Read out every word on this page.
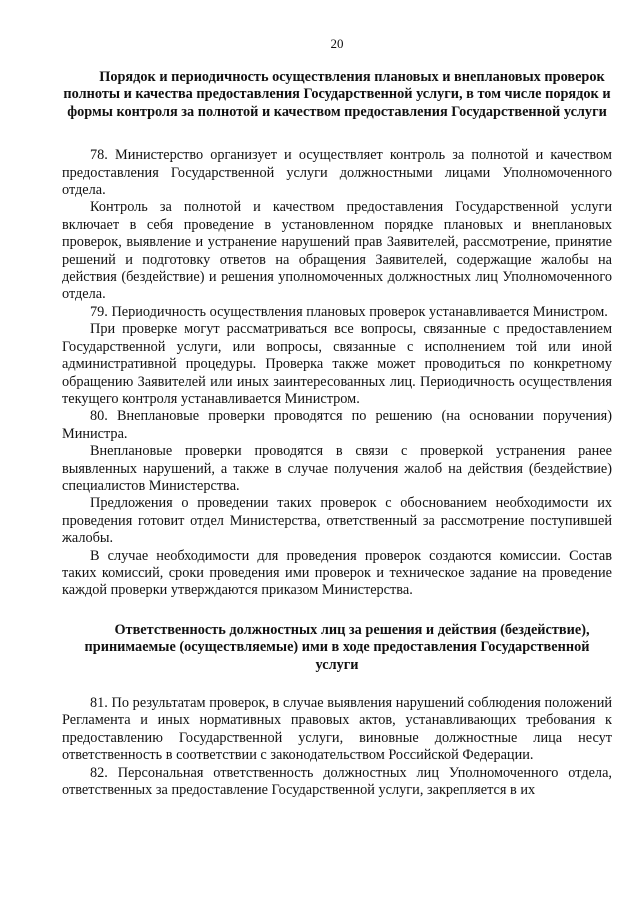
20
Порядок и периодичность осуществления плановых и внеплановых проверок полноты и качества предоставления Государственной услуги, в том числе порядок и формы контроля за полнотой и качеством предоставления Государственной услуги

78. Министерство организует и осуществляет контроль за полнотой и качеством предоставления Государственной услуги должностными лицами Уполномоченного отдела.

Контроль за полнотой и качеством предоставления Государственной услуги включает в себя проведение в установленном порядке плановых и внеплановых проверок, выявление и устранение нарушений прав Заявителей, рассмотрение, принятие решений и подготовку ответов на обращения Заявителей, содержащие жалобы на действия (бездействие) и решения уполномоченных должностных лиц Уполномоченного отдела.

79. Периодичность осуществления плановых проверок устанавливается Министром.

При проверке могут рассматриваться все вопросы, связанные с предоставлением Государственной услуги, или вопросы, связанные с исполнением той или иной административной процедуры. Проверка также может проводиться по конкретному обращению Заявителей или иных заинтересованных лиц. Периодичность осуществления текущего контроля устанавливается Министром.

80. Внеплановые проверки проводятся по решению (на основании поручения) Министра.

Внеплановые проверки проводятся в связи с проверкой устранения ранее выявленных нарушений, а также в случае получения жалоб на действия (бездействие) специалистов Министерства.

Предложения о проведении таких проверок с обоснованием необходимости их проведения готовит отдел Министерства, ответственный за рассмотрение поступившей жалобы.

В случае необходимости для проведения проверок создаются комиссии. Состав таких комиссий, сроки проведения ими проверок и техническое задание на проведение каждой проверки утверждаются приказом Министерства.

Ответственность должностных лиц за решения и действия (бездействие), принимаемые (осуществляемые) ими в ходе предоставления Государственной услуги

81. По результатам проверок, в случае выявления нарушений соблюдения положений Регламента и иных нормативных правовых актов, устанавливающих требования к предоставлению Государственной услуги, виновные должностные лица несут ответственность в соответствии с законодательством Российской Федерации.

82. Персональная ответственность должностных лиц Уполномоченного отдела, ответственных за предоставление Государственной услуги, закрепляется в их
